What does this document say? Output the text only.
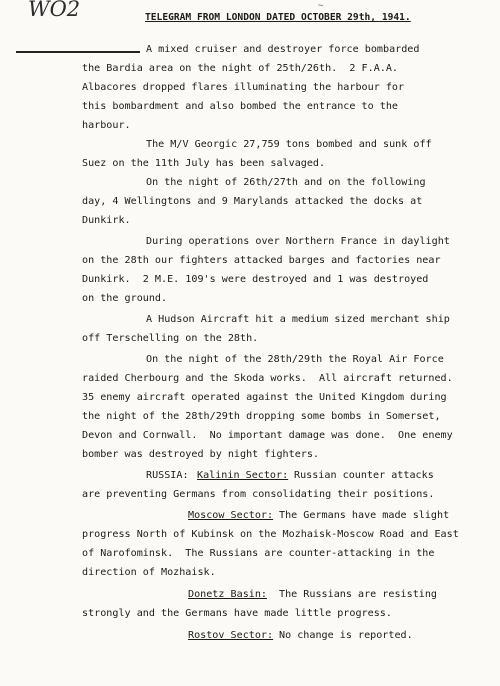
WO2	∼
TELEGRAM FROM LONDON DATED OCTOBER 29th, 1941.
A mixed cruiser and destroyer force bombarded
the Bardia area on the night of 25th/26th.  2 F.A.A.
Albacores dropped flares illuminating the harbour for
this bombardment and also bombed the entrance to the
harbour.
The M/V Georgic 27,759 tons bombed and sunk off
Suez on the 11th July has been salvaged.
On the night of 26th/27th and on the following
day, 4 Wellingtons and 9 Marylands attacked the docks at
Dunkirk.
During operations over Northern France in daylight
on the 28th our fighters attacked barges and factories near
Dunkirk.  2 M.E. 109's were destroyed and 1 was destroyed
on the ground.
A Hudson Aircraft hit a medium sized merchant ship
off Terschelling on the 28th.
On the night of the 28th/29th the Royal Air Force
raided Cherbourg and the Skoda works.  All aircraft returned.
35 enemy aircraft operated against the United Kingdom during
the night of the 28th/29th dropping some bombs in Somerset,
Devon and Cornwall.  No important damage was done.  One enemy
bomber was destroyed by night fighters.
RUSSIA: Kalinin Sector: Russian counter attacks
are preventing Germans from consolidating their positions.
Moscow Sector: The Germans have made slight
progress North of Kubinsk on the Mozhaisk-Moscow Road and East
of Narofominsk.  The Russians are counter-attacking in the
direction of Mozhaisk.
Donetz Basin: The Russians are resisting
strongly and the Germans have made little progress.
Rostov Sector: No change is reported.
